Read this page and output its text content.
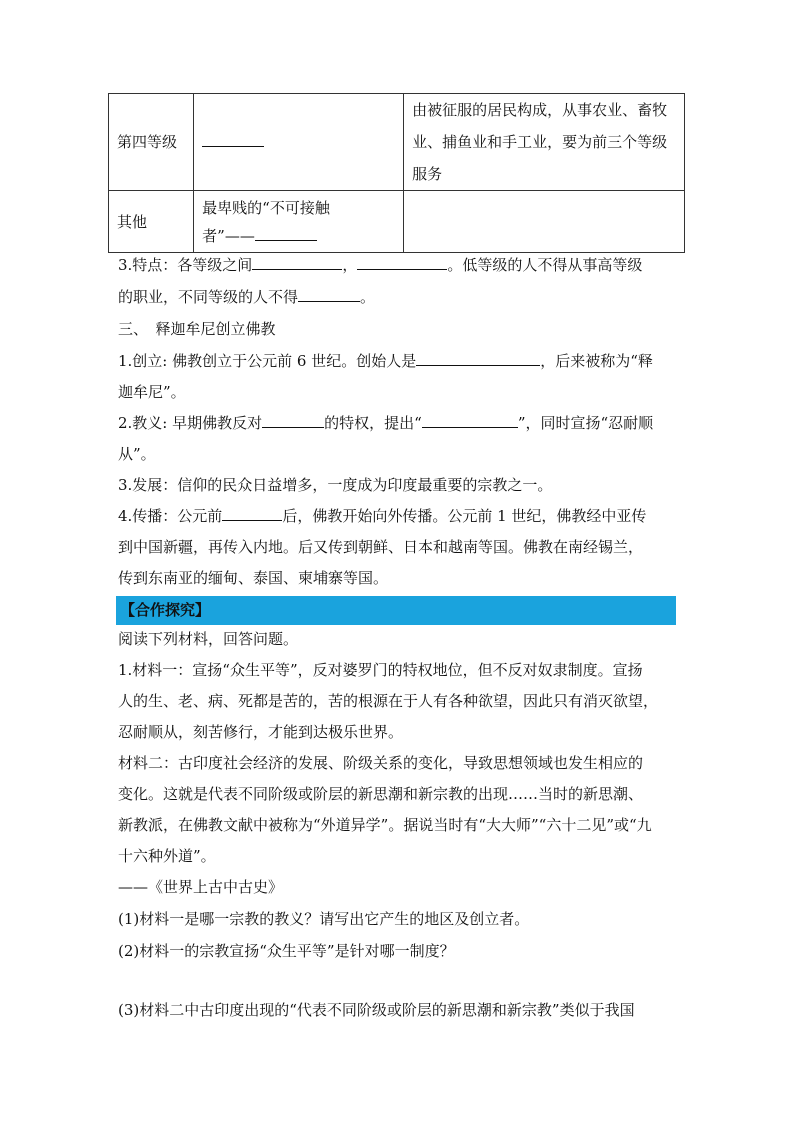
第四等级		由被征服的居民构成，从事农业、畜牧
业、捕鱼业和手工业，要为前三个等级
服务

其他	最卑贱的“不可接触
者”——	

3.特点：各等级之间	，	。低等级的人不得从事高等级
的职业，不同等级的人不得	。
三、　释迦牟尼创立佛教
1.创立: 佛教创立于公元前 6 世纪。创始人是	，后来被称为“释
迦牟尼”。
2.教义: 早期佛教反对	的特权，提出“	”，同时宣扬“忍耐顺
从”。
3.发展：信仰的民众日益增多，一度成为印度最重要的宗教之一。
4.传播：公元前	后，佛教开始向外传播。公元前 1 世纪，佛教经中亚传
到中国新疆，再传入内地。后又传到朝鲜、日本和越南等国。佛教在南经锡兰，
传到东南亚的缅甸、泰国、柬埔寨等国。
【合作探究】
阅读下列材料，回答问题。
1.材料一：宣扬“众生平等”，反对婆罗门的特权地位，但不反对奴隶制度。宣扬
人的生、老、病、死都是苦的，苦的根源在于人有各种欲望，因此只有消灭欲望，
忍耐顺从，刻苦修行，才能到达极乐世界。
材料二：古印度社会经济的发展、阶级关系的变化，导致思想领域也发生相应的
变化。这就是代表不同阶级或阶层的新思潮和新宗教的出现……当时的新思潮、
新教派，在佛教文献中被称为“外道异学”。据说当时有“大大师”“六十二见”或“九
十六种外道”。
——《世界上古中古史》
(1)材料一是哪一宗教的教义？请写出它产生的地区及创立者。
(2)材料一的宗教宣扬“众生平等”是针对哪一制度？
(3)材料二中古印度出现的“代表不同阶级或阶层的新思潮和新宗教”类似于我国
